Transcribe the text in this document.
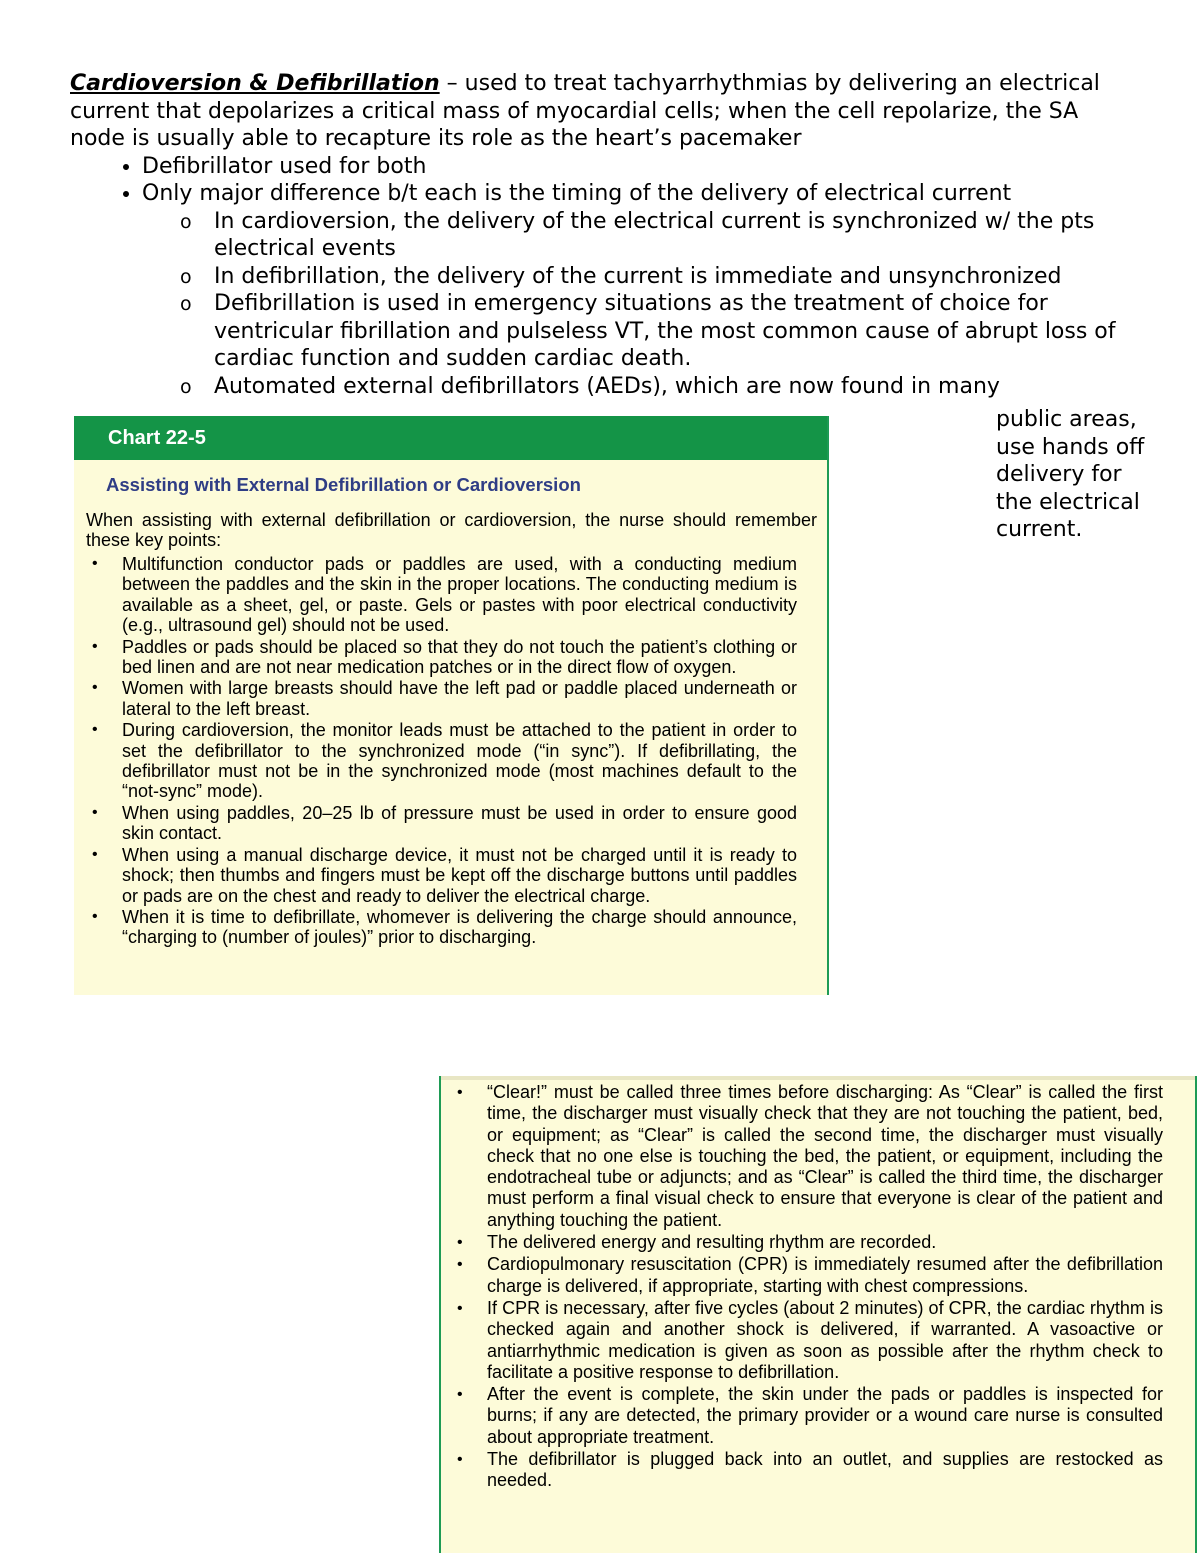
Cardioversion & Defibrillation – used to treat tachyarrhythmias by delivering an electrical current that depolarizes a critical mass of myocardial cells; when the cell repolarize, the SA node is usually able to recapture its role as the heart’s pacemaker

• Defibrillator used for both
• Only major difference b/t each is the timing of the delivery of electrical current
o In cardioversion, the delivery of the electrical current is synchronized w/ the pts electrical events
o In defibrillation, the delivery of the current is immediate and unsynchronized
o Defibrillation is used in emergency situations as the treatment of choice for ventricular fibrillation and pulseless VT, the most common cause of abrupt loss of cardiac function and sudden cardiac death.
o Automated external defibrillators (AEDs), which are now found in many
public areas, use hands off delivery for the electrical current.
Chart 22-5
Assisting with External Defibrillation or Cardioversion
When assisting with external defibrillation or cardioversion, the nurse should remember these key points:
• Multifunction conductor pads or paddles are used, with a conducting medium between the paddles and the skin in the proper locations. The conducting medium is available as a sheet, gel, or paste. Gels or pastes with poor electrical conductivity (e.g., ultrasound gel) should not be used.
• Paddles or pads should be placed so that they do not touch the patient’s clothing or bed linen and are not near medication patches or in the direct flow of oxygen.
• Women with large breasts should have the left pad or paddle placed underneath or lateral to the left breast.
• During cardioversion, the monitor leads must be attached to the patient in order to set the defibrillator to the synchronized mode (“in sync”). If defibrillating, the defibrillator must not be in the synchronized mode (most machines default to the “not-sync” mode).
• When using paddles, 20–25 lb of pressure must be used in order to ensure good skin contact.
• When using a manual discharge device, it must not be charged until it is ready to shock; then thumbs and fingers must be kept off the discharge buttons until paddles or pads are on the chest and ready to deliver the electrical charge.
• When it is time to defibrillate, whomever is delivering the charge should announce, “charging to (number of joules)” prior to discharging.
• “Clear!” must be called three times before discharging: As “Clear” is called the first time, the discharger must visually check that they are not touching the patient, bed, or equipment; as “Clear” is called the second time, the discharger must visually check that no one else is touching the bed, the patient, or equipment, including the endotracheal tube or adjuncts; and as “Clear” is called the third time, the discharger must perform a final visual check to ensure that everyone is clear of the patient and anything touching the patient.
• The delivered energy and resulting rhythm are recorded.
• Cardiopulmonary resuscitation (CPR) is immediately resumed after the defibrillation charge is delivered, if appropriate, starting with chest compressions.
• If CPR is necessary, after five cycles (about 2 minutes) of CPR, the cardiac rhythm is checked again and another shock is delivered, if warranted. A vasoactive or antiarrhythmic medication is given as soon as possible after the rhythm check to facilitate a positive response to defibrillation.
• After the event is complete, the skin under the pads or paddles is inspected for burns; if any are detected, the primary provider or a wound care nurse is consulted about appropriate treatment.
• The defibrillator is plugged back into an outlet, and supplies are restocked as needed.
